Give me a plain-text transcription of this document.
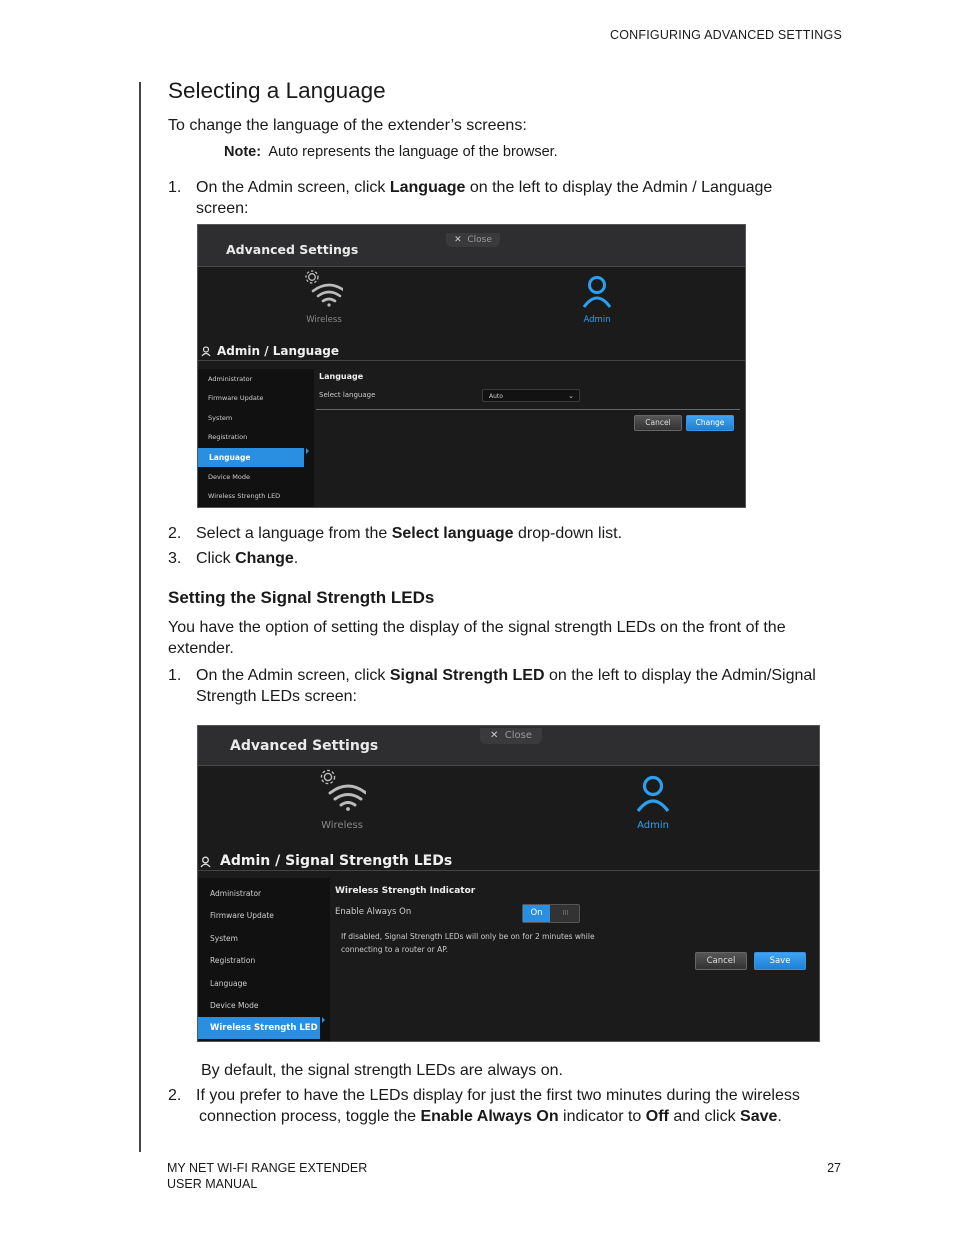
CONFIGURING ADVANCED SETTINGS
Selecting a Language
To change the language of the extender’s screens:
Note: Auto represents the language of the browser.
1. On the Admin screen, click Language on the left to display the Admin / Language
screen:
Advanced Settings
✕ Close
Wireless	Admin
Admin / Language
Administrator
Firmware Update
System
Registration
Language
Device Mode
Wireless Strength LED
Language
Select language	Auto	⌄
Cancel	Change
2. Select a language from the Select language drop-down list.
3. Click Change.
Setting the Signal Strength LEDs
You have the option of setting the display of the signal strength LEDs on the front of the
extender.
1. On the Admin screen, click Signal Strength LED on the left to display the Admin/Signal
Strength LEDs screen:
Advanced Settings
✕ Close
Wireless	Admin
Admin / Signal Strength LEDs
Administrator
Firmware Update
System
Registration
Language
Device Mode
Wireless Strength LED
Wireless Strength Indicator
Enable Always On	On	III
If disabled, Signal Strength LEDs will only be on for 2 minutes while
connecting to a router or AP.
Cancel	Save
By default, the signal strength LEDs are always on.
2. If you prefer to have the LEDs display for just the first two minutes during the wireless
connection process, toggle the Enable Always On indicator to Off and click Save.
MY NET WI-FI RANGE EXTENDER
USER MANUAL
27
